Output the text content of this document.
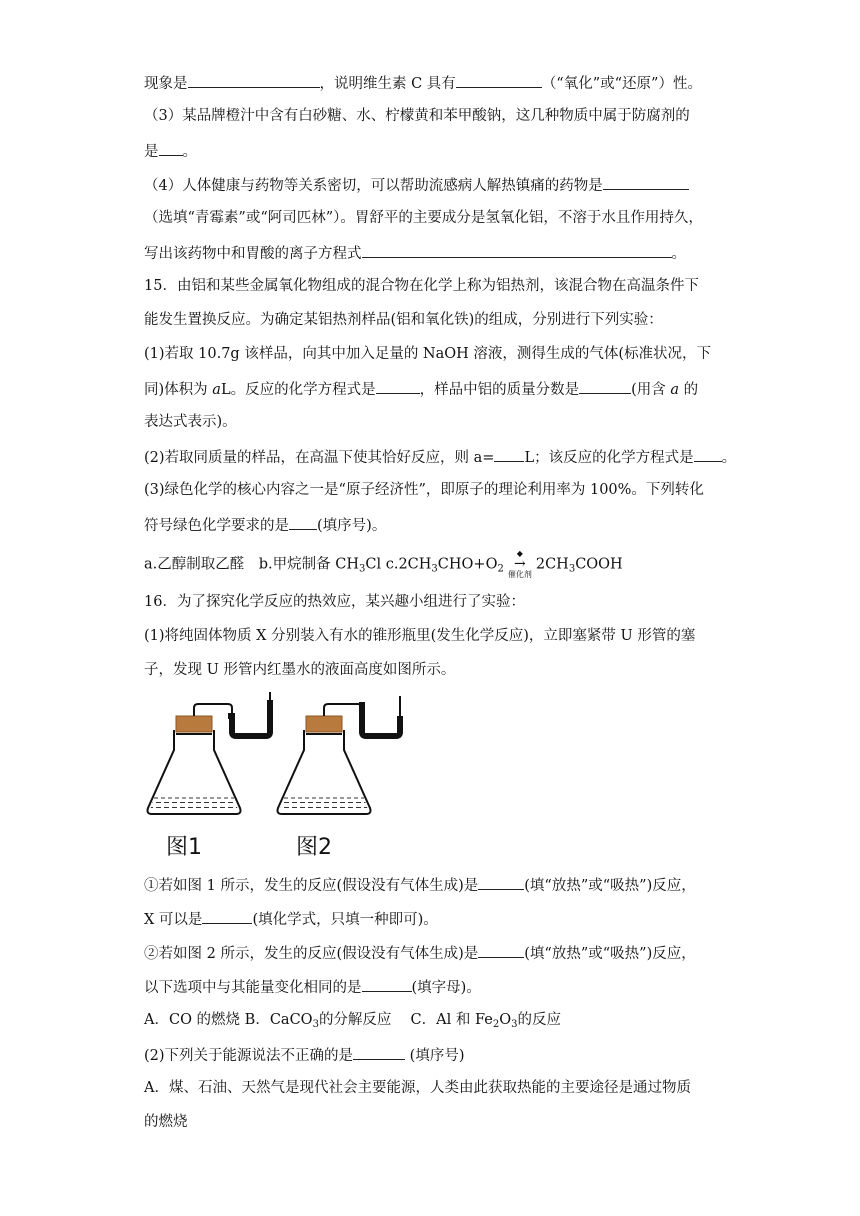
现象是	，说明维生素 C 具有	（“氧化”或“还原”）性。
（3）某品牌橙汁中含有白砂糖、水、柠檬黄和苯甲酸钠，这几种物质中属于防腐剂的
是 。
（4）人体健康与药物等关系密切，可以帮助流感病人解热镇痛的药物是
（选填“青霉素”或“阿司匹林”）。胃舒平的主要成分是氢氧化铝，不溶于水且作用持久，
写出该药物中和胃酸的离子方程式	。
15．由铝和某些金属氧化物组成的混合物在化学上称为铝热剂，该混合物在高温条件下
能发生置换反应。为确定某铝热剂样品(铝和氧化铁)的组成，分别进行下列实验：
(1)若取 10.7g 该样品，向其中加入足量的 NaOH 溶液，测得生成的气体(标准状况，下
同)体积为 aL。反应的化学方程式是	，样品中铝的质量分数是	(用含 a 的
表达式表示)。
(2)若取同质量的样品，在高温下使其恰好反应，则 a= L；该反应的化学方程式是 。
(3)绿色化学的核心内容之一是“原子经济性”，即原子的理论利用率为 100%。下列转化
符号绿色化学要求的是 (填序号)。
a.乙醇制取乙醛　b.甲烷制备 $CH_3Cl$ $c.2CH_3CHO+O_2$
◆
→
催化剂
$2CH_3COOH$
16．为了探究化学反应的热效应，某兴趣小组进行了实验：
(1)将纯固体物质 X 分别装入有水的锥形瓶里(发生化学反应)，立即塞紧带 U 形管的塞
子，发现 U 形管内红墨水的液面高度如图所示。
图1	图2
①若如图 1 所示，发生的反应(假设没有气体生成)是	(填“放热”或“吸热”)反应，
X 可以是	(填化学式，只填一种即可)。
②若如图 2 所示，发生的反应(假设没有气体生成)是	(填“放热”或“吸热”)反应，
以下选项中与其能量变化相同的是	(填字母)。
A．CO 的燃烧 B．CaCO$_3$的分解反应　 C．Al 和 $Fe_2O_3$的反应
(2)下列关于能源说法不正确的是	(填序号)
A．煤、石油、天然气是现代社会主要能源，人类由此获取热能的主要途径是通过物质
的燃烧
